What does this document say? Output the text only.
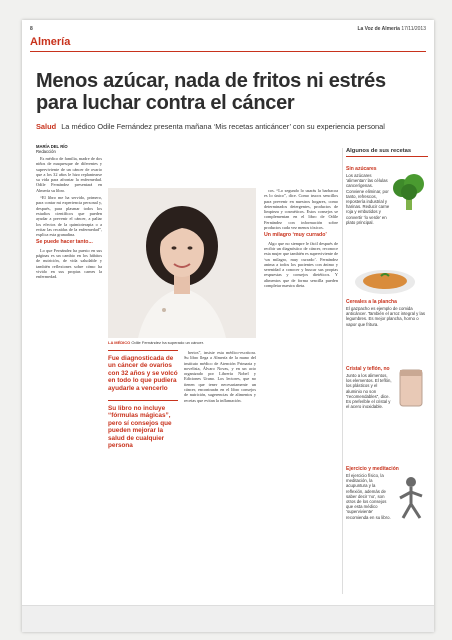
8	La Voz de Almería 17/11/2013
Almería
Menos azúcar, nada de fritos ni estrés para luchar contra el cáncer
Salud La médico Odile Fernández presenta mañana ‘Mis recetas anticáncer’ con su experiencia personal
MARÍA DEL RÍO
Redacción

Es médico de familia, madre de dos niños de maquesque de diferentes y superviviente de un cáncer de ovario que a los 32 años le hizo replantearse su vida para afrontar la enfermedad. Odile Fernández presentará en Almería su libro.

“El libro me ha servido, primero, para contar mi experiencia personal y, después, para plasmar todos los estudios científicos que pueden ayudar a prevenir el cáncer, a paliar los efectos de la quimioterapia o a evitar las recaídas de la enfermedad”, explica esta granadina.

Se puede hacer tanto...

Lo que Fernández ha puesto en sus páginas es un cambio en los hábitos de nutrición, de vida saludable y también reflexiones sobre cómo ha vivido en sus propias carnes la enfermedad.

LA MÉDICO Odile Fernández ha superado un cáncer.
Fue diagnosticada de un cáncer de ovarios con 32 años y se volcó en todo lo que pudiera ayudarle a vencerlo
Su libro no incluye “fórmulas mágicas”, pero sí consejos que pueden mejorar la salud de cualquier persona

bertos”, insiste esta médico-escritora. Su libro llega a Almería de la mano del instituto médico de Atención Primaria y novelista, Álvaro Novas, y en un acto organizado por Librería Nobel y Ediciones Urano. Los lectores, que no tienen que tener necesariamente un cáncer, encontrarán en el libro consejos de nutrición, sugerencias de alimentos y recetas que evitan la inflamación.

cos. “Lo segundo lo usarás la barbacoa es lo único”, dice. Como trucos sencillos para prevenir en nuestros hogares, como determinados detergentes, productos de limpieza y cosméticos. Estos consejos se complementan en el libro de Odile Fernández con información sobre productos cada vez menos tóxicos.

Un milagro ‘muy currado’

Algo que no siempre le fácil después de recibir un diagnóstico de cáncer, reconoce esta mujer que también es superviviente de ‘un milagro, muy currado’. Fernández anima a todos los pacientes con ánimo y serenidad a conocer y buscar sus propias respuestas y consejos dietéticos. Y alimentos que de forma sencilla pueden completar nuestra dieta.

Algunos de sus recetas
Sin azúcares
Los azúcares ‘alimentan’ las células cancerígenas. Conviene eliminar, por tanto, refrescos, repostería industrial y harinas. Reducir carne roja y embutidos y convertir ‘lo verde’ en plato principal.
Cereales a la plancha
El gazpacho es ejemplo de comida anticáncer. También el arroz integral y las legumbres. Es mejor plancha, horno o vapor que fritura.
Cristal y teflón, no
Junto a los alimentos, los elementos. El teflón, los plásticos y el aluminio no son “recomendables”, dice. Es preferible el cristal y el acero inoxidable.
Ejercicio y meditación
El ejercicio físico, la meditación, la acupuntura y la reflexión, además de saber decir ‘no’, son otros de los consejos que esta médico ‘superviviente’ recomienda en su libro.
